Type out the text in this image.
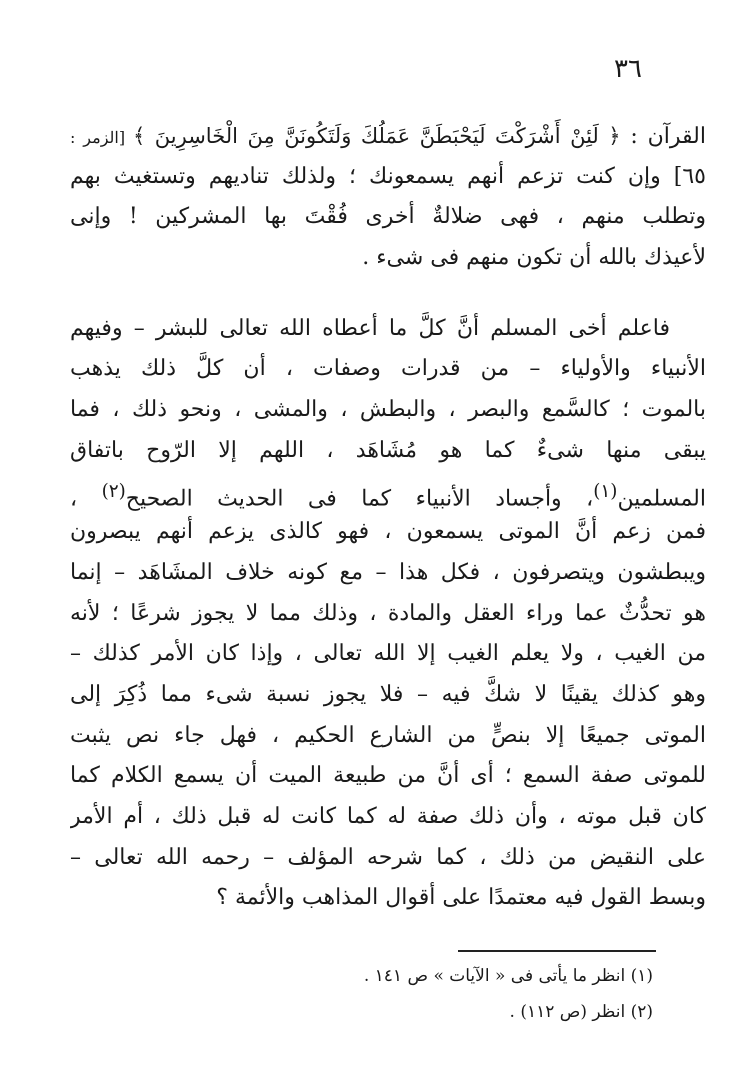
٣٦
القرآن : ﴿ لَئِنْ أَشْرَكْتَ لَيَحْبَطَنَّ عَمَلُكَ وَلَتَكُونَنَّ مِنَ الْخَاسِرِينَ ﴾ [الزمر :
٦٥] وإن كنت تزعم أنهم يسمعونك ؛ ولذلك تناديهم وتستغيث بهم
وتطلب منهم ، فهى ضلالةٌ أخرى فُقْتَ بها المشركين ! وإنى
لأعيذك بالله أن تكون منهم فى شىء .
فاعلم أخى المسلم أنَّ كلَّ ما أعطاه الله تعالى للبشر – وفيهم
الأنبياء والأولياء – من قدرات وصفات ، أن كلَّ ذلك يذهب
بالموت ؛ كالسَّمع والبصر ، والبطش ، والمشى ، ونحو ذلك ، فما
يبقى منها شىءٌ كما هو مُشَاهَد ، اللهم إلا الرّوح باتفاق
المسلمين$^{(١)}$، وأجساد الأنبياء كما فى الحديث الصحيح$^{(٢)}$ ،
فمن زعم أنَّ الموتى يسمعون ، فهو كالذى يزعم أنهم يبصرون
ويبطشون ويتصرفون ، فكل هذا – مع كونه خلاف المشَاهَد – إنما
هو تحدُّثٌ عما وراء العقل والمادة ، وذلك مما لا يجوز شرعًا ؛ لأنه
من الغيب ، ولا يعلم الغيب إلا الله تعالى ، وإذا كان الأمر كذلك –
وهو كذلك يقينًا لا شكَّ فيه – فلا يجوز نسبة شىء مما ذُكِرَ إلى
الموتى جميعًا إلا بنصٍّ من الشارع الحكيم ، فهل جاء نص يثبت
للموتى صفة السمع ؛ أى أنَّ من طبيعة الميت أن يسمع الكلام كما
كان قبل موته ، وأن ذلك صفة له كما كانت له قبل ذلك ، أم الأمر
على النقيض من ذلك ، كما شرحه المؤلف – رحمه الله تعالى –
وبسط القول فيه معتمدًا على أقوال المذاهب والأئمة ؟
(١) انظر ما يأتى فى « الآيات » ص ١٤١ .
(٢) انظر (ص ١١٢) .
